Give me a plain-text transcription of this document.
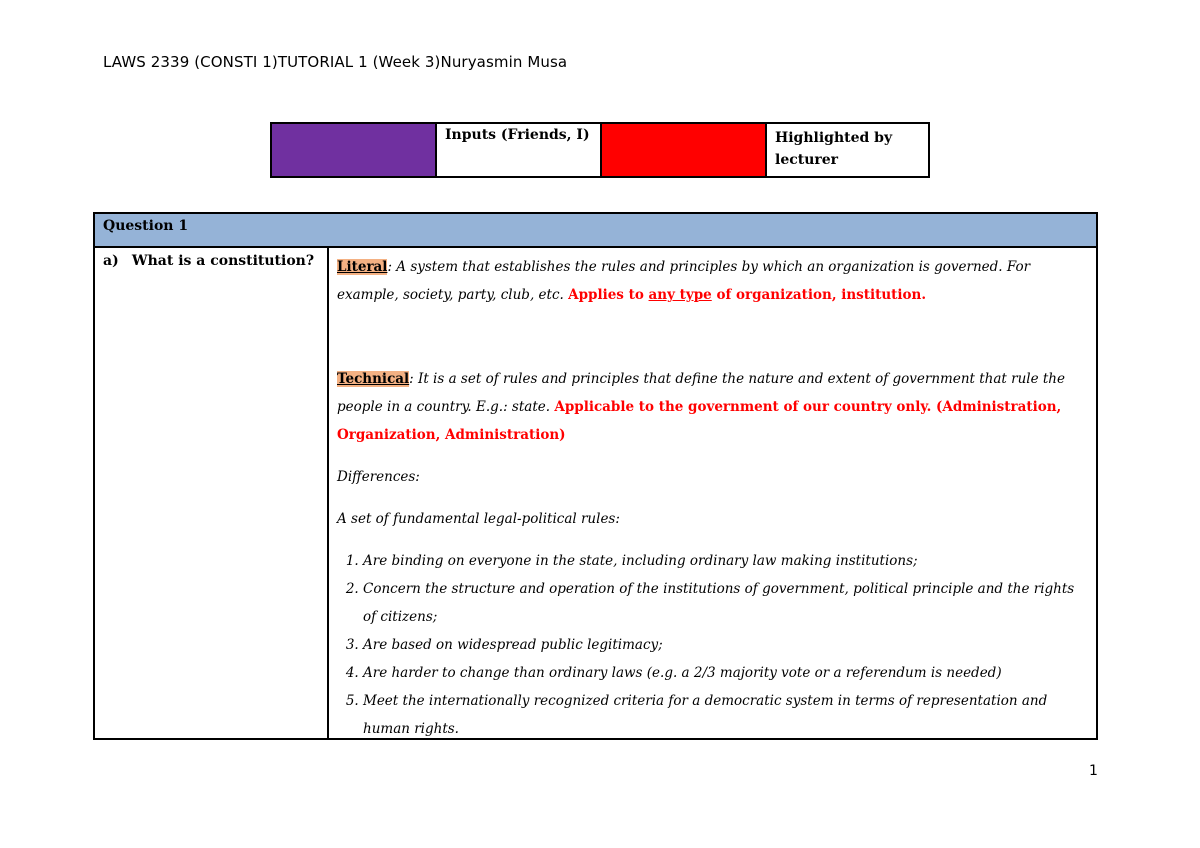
LAWS 2339 (CONSTI 1)TUTORIAL 1 (Week 3)Nuryasmin Musa
Inputs (Friends, I)	Highlighted by lecturer
Question 1
a) What is a constitution?	Literal: A system that establishes the rules and principles by which an organization is governed. For example, society, party, club, etc. Applies to any type of organization, institution.

Technical: It is a set of rules and principles that define the nature and extent of government that rule the people in a country. E.g.: state. Applicable to the government of our country only. (Administration, Organization, Administration)

Differences:

A set of fundamental legal-political rules:

1. Are binding on everyone in the state, including ordinary law making institutions;
2. Concern the structure and operation of the institutions of government, political principle and the rights of citizens;
3. Are based on widespread public legitimacy;
4. Are harder to change than ordinary laws (e.g. a 2/3 majority vote or a referendum is needed)
5. Meet the internationally recognized criteria for a democratic system in terms of representation and human rights.
1
